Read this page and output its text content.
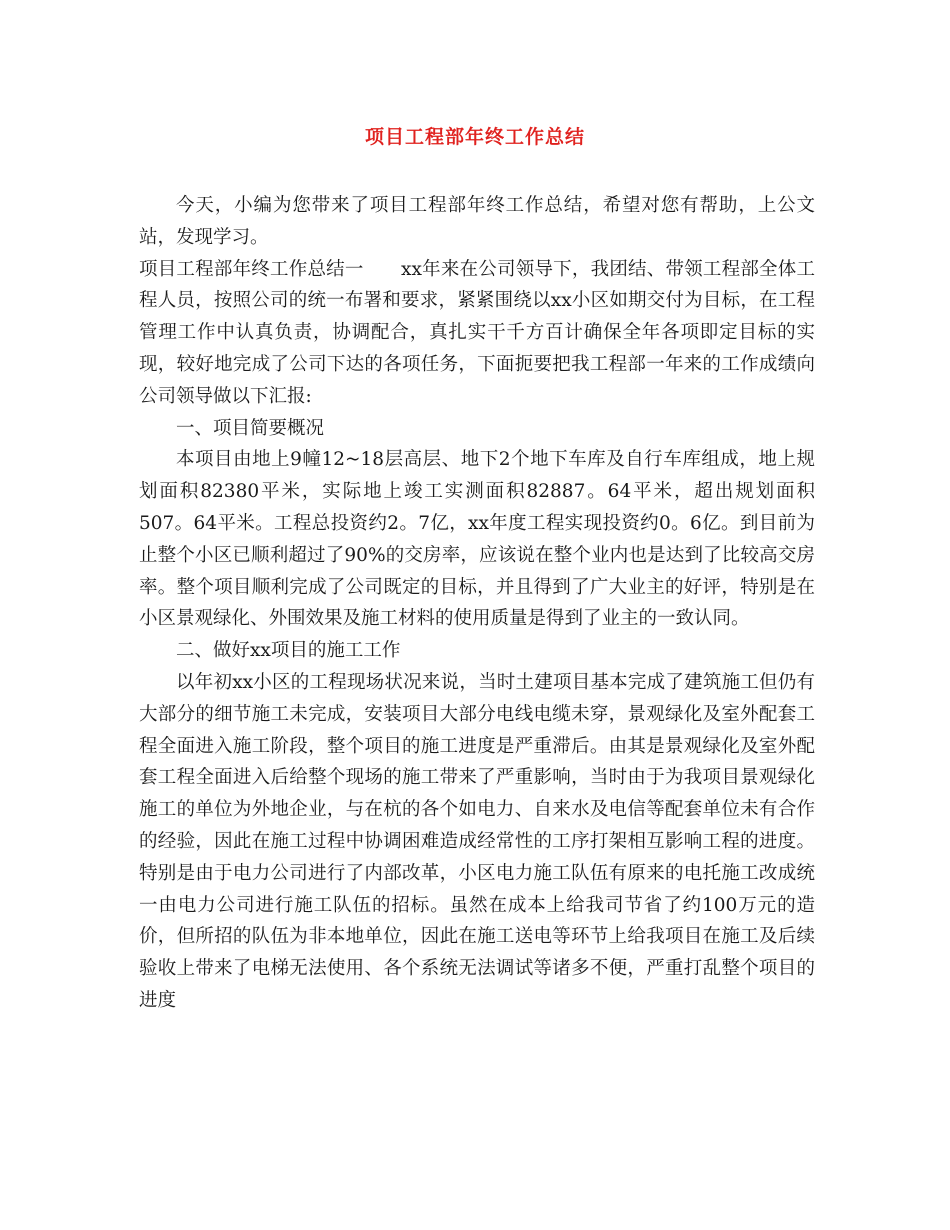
项目工程部年终工作总结

今天，小编为您带来了项目工程部年终工作总结，希望对您有帮助，上公文站，发现学习。

项目工程部年终工作总结一　　xx年来在公司领导下，我团结、带领工程部全体工程人员，按照公司的统一布署和要求，紧紧围绕以xx小区如期交付为目标，在工程管理工作中认真负责，协调配合，真扎实干千方百计确保全年各项即定目标的实现，较好地完成了公司下达的各项任务，下面扼要把我工程部一年来的工作成绩向公司领导做以下汇报:

一、项目简要概况

本项目由地上9幢12~18层高层、地下2个地下车库及自行车库组成，地上规划面积82380平米，实际地上竣工实测面积82887。64平米，超出规划面积507。64平米。工程总投资约2。7亿，xx年度工程实现投资约0。6亿。到目前为止整个小区已顺利超过了90%的交房率，应该说在整个业内也是达到了比较高交房率。整个项目顺利完成了公司既定的目标，并且得到了广大业主的好评，特别是在小区景观绿化、外围效果及施工材料的使用质量是得到了业主的一致认同。

二、做好xx项目的施工工作

以年初xx小区的工程现场状况来说，当时土建项目基本完成了建筑施工但仍有大部分的细节施工未完成，安装项目大部分电线电缆未穿，景观绿化及室外配套工程全面进入施工阶段，整个项目的施工进度是严重滞后。由其是景观绿化及室外配套工程全面进入后给整个现场的施工带来了严重影响，当时由于为我项目景观绿化施工的单位为外地企业，与在杭的各个如电力、自来水及电信等配套单位未有合作的经验，因此在施工过程中协调困难造成经常性的工序打架相互影响工程的进度。特别是由于电力公司进行了内部改革，小区电力施工队伍有原来的电托施工改成统一由电力公司进行施工队伍的招标。虽然在成本上给我司节省了约100万元的造价，但所招的队伍为非本地单位，因此在施工送电等环节上给我项目在施工及后续验收上带来了电梯无法使用、各个系统无法调试等诸多不便，严重打乱整个项目的进度
